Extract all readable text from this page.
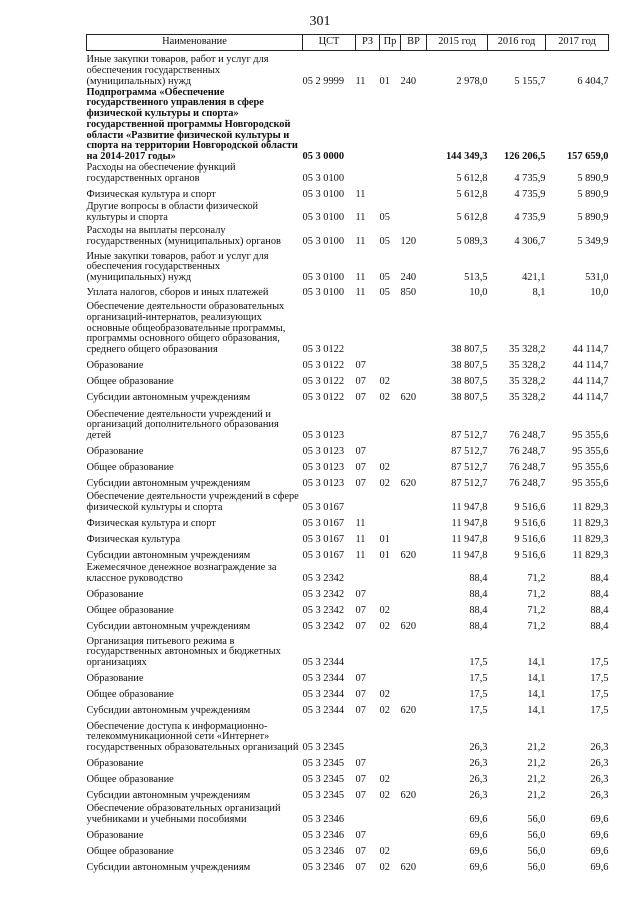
301
Наименование	ЦСТ	РЗ	Пр	ВР	2015 год	2016 год	2017 год
Иные закупки товаров, работ и услуг для обеспечения государственных (муниципальных) нужд	05 2 9999	11	01	240	2 978,0	5 155,7	6 404,7
Подпрограмма «Обеспечение государственного управления в сфере физической культуры и спорта» государственной программы Новгородской области «Развитие физической культуры и спорта на территории Новгородской области на 2014-2017 годы»	05 3 0000				144 349,3	126 206,5	157 659,0
Расходы на обеспечение функций государственных органов	05 3 0100				5 612,8	4 735,9	5 890,9
Физическая культура и спорт	05 3 0100	11			5 612,8	4 735,9	5 890,9
Другие вопросы в области физической культуры и спорта	05 3 0100	11	05		5 612,8	4 735,9	5 890,9
Расходы на выплаты персоналу государственных (муниципальных) органов	05 3 0100	11	05	120	5 089,3	4 306,7	5 349,9
Иные закупки товаров, работ и услуг для обеспечения государственных (муниципальных) нужд	05 3 0100	11	05	240	513,5	421,1	531,0
Уплата налогов, сборов и иных платежей	05 3 0100	11	05	850	10,0	8,1	10,0
Обеспечение деятельности образовательных организаций-интернатов, реализующих основные общеобразовательные программы, программы основного общего образования, среднего общего образования	05 3 0122				38 807,5	35 328,2	44 114,7
Образование	05 3 0122	07			38 807,5	35 328,2	44 114,7
Общее образование	05 3 0122	07	02		38 807,5	35 328,2	44 114,7
Субсидии автономным учреждениям	05 3 0122	07	02	620	38 807,5	35 328,2	44 114,7
Обеспечение деятельности учреждений и организаций дополнительного образования детей	05 3 0123				87 512,7	76 248,7	95 355,6
Образование	05 3 0123	07			87 512,7	76 248,7	95 355,6
Общее образование	05 3 0123	07	02		87 512,7	76 248,7	95 355,6
Субсидии автономным учреждениям	05 3 0123	07	02	620	87 512,7	76 248,7	95 355,6
Обеспечение деятельности учреждений в сфере физической культуры и спорта	05 3 0167				11 947,8	9 516,6	11 829,3
Физическая культура и спорт	05 3 0167	11			11 947,8	9 516,6	11 829,3
Физическая культура	05 3 0167	11	01		11 947,8	9 516,6	11 829,3
Субсидии автономным учреждениям	05 3 0167	11	01	620	11 947,8	9 516,6	11 829,3
Ежемесячное денежное вознаграждение за классное руководство	05 3 2342				88,4	71,2	88,4
Образование	05 3 2342	07			88,4	71,2	88,4
Общее образование	05 3 2342	07	02		88,4	71,2	88,4
Субсидии автономным учреждениям	05 3 2342	07	02	620	88,4	71,2	88,4
Организация питьевого режима в государственных автономных и бюджетных организациях	05 3 2344				17,5	14,1	17,5
Образование	05 3 2344	07			17,5	14,1	17,5
Общее образование	05 3 2344	07	02		17,5	14,1	17,5
Субсидии автономным учреждениям	05 3 2344	07	02	620	17,5	14,1	17,5
Обеспечение доступа к информационно-телекоммуникационной сети «Интернет» государственных образовательных организаций	05 3 2345				26,3	21,2	26,3
Образование	05 3 2345	07			26,3	21,2	26,3
Общее образование	05 3 2345	07	02		26,3	21,2	26,3
Субсидии автономным учреждениям	05 3 2345	07	02	620	26,3	21,2	26,3
Обеспечение образовательных организаций учебниками и учебными пособиями	05 3 2346				69,6	56,0	69,6
Образование	05 3 2346	07			69,6	56,0	69,6
Общее образование	05 3 2346	07	02		69,6	56,0	69,6
Субсидии автономным учреждениям	05 3 2346	07	02	620	69,6	56,0	69,6
